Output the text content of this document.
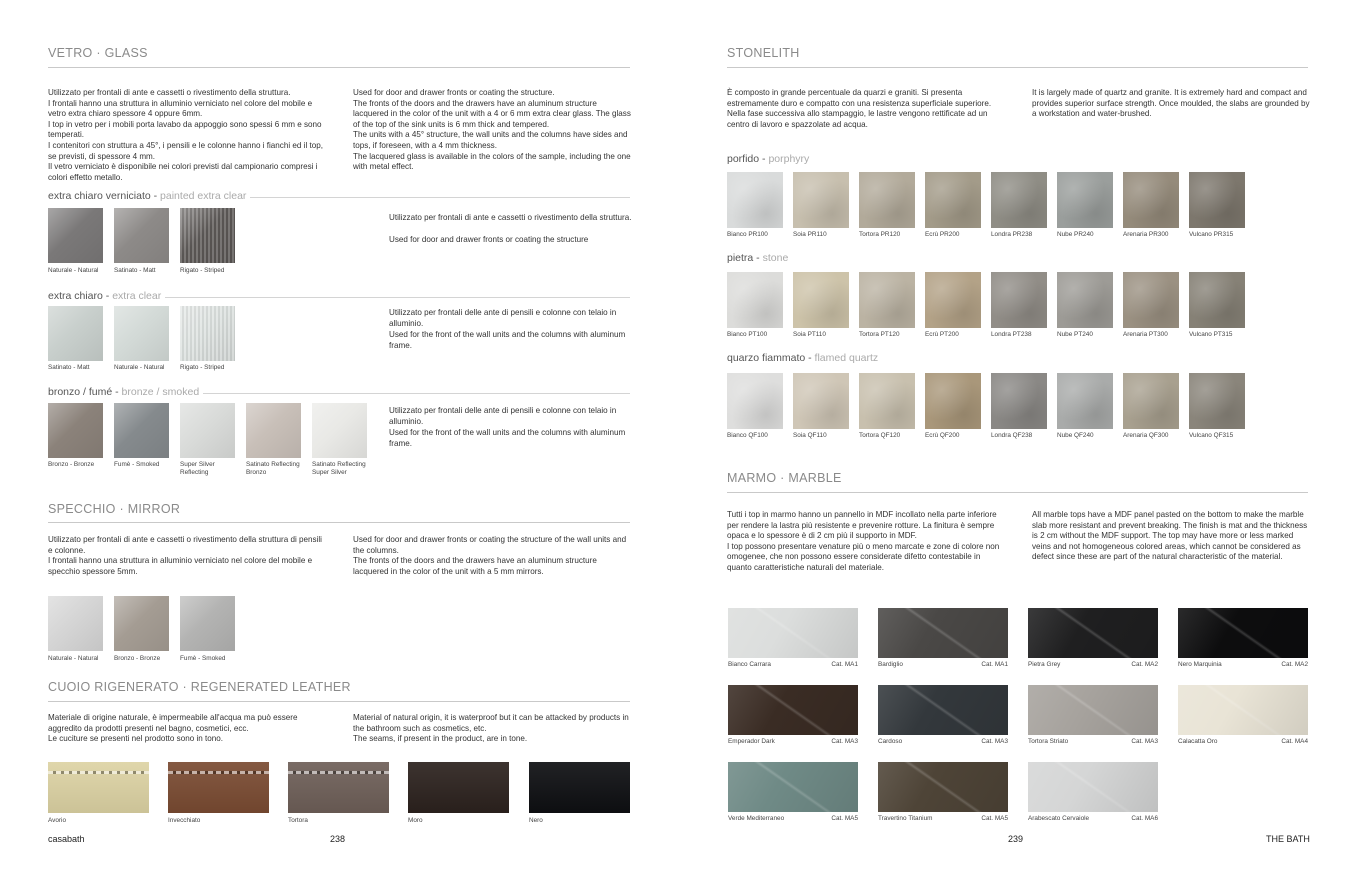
VETRO · GLASS
Utilizzato per frontali di ante e cassetti o rivestimento della struttura.
I frontali hanno una struttura in alluminio verniciato nel colore del mobile e vetro extra chiaro spessore 4 oppure 6mm.
I top in vetro per i mobili porta lavabo da appoggio sono spessi 6 mm e sono temperati.
I contenitori con struttura a 45°, i pensili e le colonne hanno i fianchi ed il top, se previsti, di spessore 4 mm.
Il vetro verniciato è disponibile nei colori previsti dal campionario compresi i colori effetto metallo.
Used for door and drawer fronts or coating the structure.
The fronts of the doors and the drawers have an aluminum structure lacquered in the color of the unit with a 4 or 6 mm extra clear glass. The glass of the top of the sink units is 6 mm thick and tempered.
The units with a 45° structure, the wall units and the columns have sides and tops, if foreseen, with a 4 mm thickness.
The lacquered glass is available in the colors of the sample, including the one with metal effect.
extra chiaro verniciato - painted extra clear
Naturale - Natural Satinato - Matt	Rigato - Striped
Utilizzato per frontali di ante e cassetti o rivestimento della struttura.
Used for door and drawer fronts or coating the structure
extra chiaro - extra clear
Satinato - Matt	Naturale - Natural Rigato - Striped
Utilizzato per frontali delle ante di pensili e colonne con telaio in alluminio.
Used for the front of the wall units and the columns with aluminum frame.
bronzo / fumé - bronze / smoked
Bronzo - Bronze	Fumè - Smoked	Super Silver
Reflecting
Satinato Reflecting
Bronzo
Satinato Reflecting
Super Silver
Utilizzato per frontali delle ante di pensili e colonne con telaio in alluminio.
Used for the front of the wall units and the columns with aluminum frame.
SPECCHIO · MIRROR
Utilizzato per frontali di ante e cassetti o rivestimento della struttura di pensili e colonne.
I frontali hanno una struttura in alluminio verniciato nel colore del mobile e specchio spessore 5mm.
Used for door and drawer fronts or coating the structure of the wall units and the columns.
The fronts of the doors and the drawers have an aluminum structure lacquered in the color of the unit with a 5 mm mirrors.
Naturale - Natural Bronzo - Bronze	Fumè - Smoked
CUOIO RIGENERATO · REGENERATED LEATHER
Materiale di origine naturale, è impermeabile all'acqua ma può essere aggredito da prodotti presenti nel bagno, cosmetici, ecc.
Le cuciture se presenti nel prodotto sono in tono.
Material of natural origin, it is waterproof but it can be attacked by products in the bathroom such as cosmetics, etc.
The seams, if present in the product, are in tone.
Avorio	Invecchiato	Tortora	Moro	Nero
casabath	238
STONELITH
È composto in grande percentuale da quarzi e graniti. Si presenta estremamente duro e compatto con una resistenza superficiale superiore. Nella fase successiva allo stampaggio, le lastre vengono rettificate ad un centro di lavoro e spazzolate ad acqua.
It is largely made of quartz and granite. It is extremely hard and compact and provides superior surface strength. Once moulded, the slabs are grounded by a workstation and water-brushed.
porfido - porphyry
Bianco PR100	Soia PR110	Tortora PR120	Ecrù PR200	Londra PR238	Nube PR240	Arenaria PR300	Vulcano PR315
pietra - stone
Bianco PT100	Soia PT110	Tortora PT120	Ecrù PT200	Londra PT238	Nube PT240	Arenaria PT300	Vulcano PT315
quarzo fiammato - flamed quartz
Bianco QF100	Soia QF110	Tortora QF120	Ecrù QF200	Londra QF238	Nube QF240	Arenaria QF300	Vulcano QF315
MARMO · MARBLE
Tutti i top in marmo hanno un pannello in MDF incollato nella parte inferiore per rendere la lastra più resistente e prevenire rotture. La finitura è sempre opaca e lo spessore è di 2 cm più il supporto in MDF.
I top possono presentare venature più o meno marcate e zone di colore non omogenee, che non possono essere considerate difetto contestabile in quanto caratteristiche naturali del materiale.
All marble tops have a MDF panel pasted on the bottom to make the marble slab more resistant and prevent breaking. The finish is mat and the thickness is 2 cm without the MDF support. The top may have more or less marked veins and not homogeneous colored areas, which cannot be considered as defect since these are part of the natural characteristic of the material.
Bianco Carrara	Cat. MA1	Bardiglio	Cat. MA1	Pietra Grey	Cat. MA2	Nero Marquinia	Cat. MA2
Emperador Dark	Cat. MA3	Cardoso	Cat. MA3	Tortora Striato	Cat. MA3	Calacatta Oro	Cat. MA4
Verde Mediterraneo	Cat. MA5	Travertino Titanium	Cat. MA5	Arabescato Cervaiole	Cat. MA6
239	THE BATH
